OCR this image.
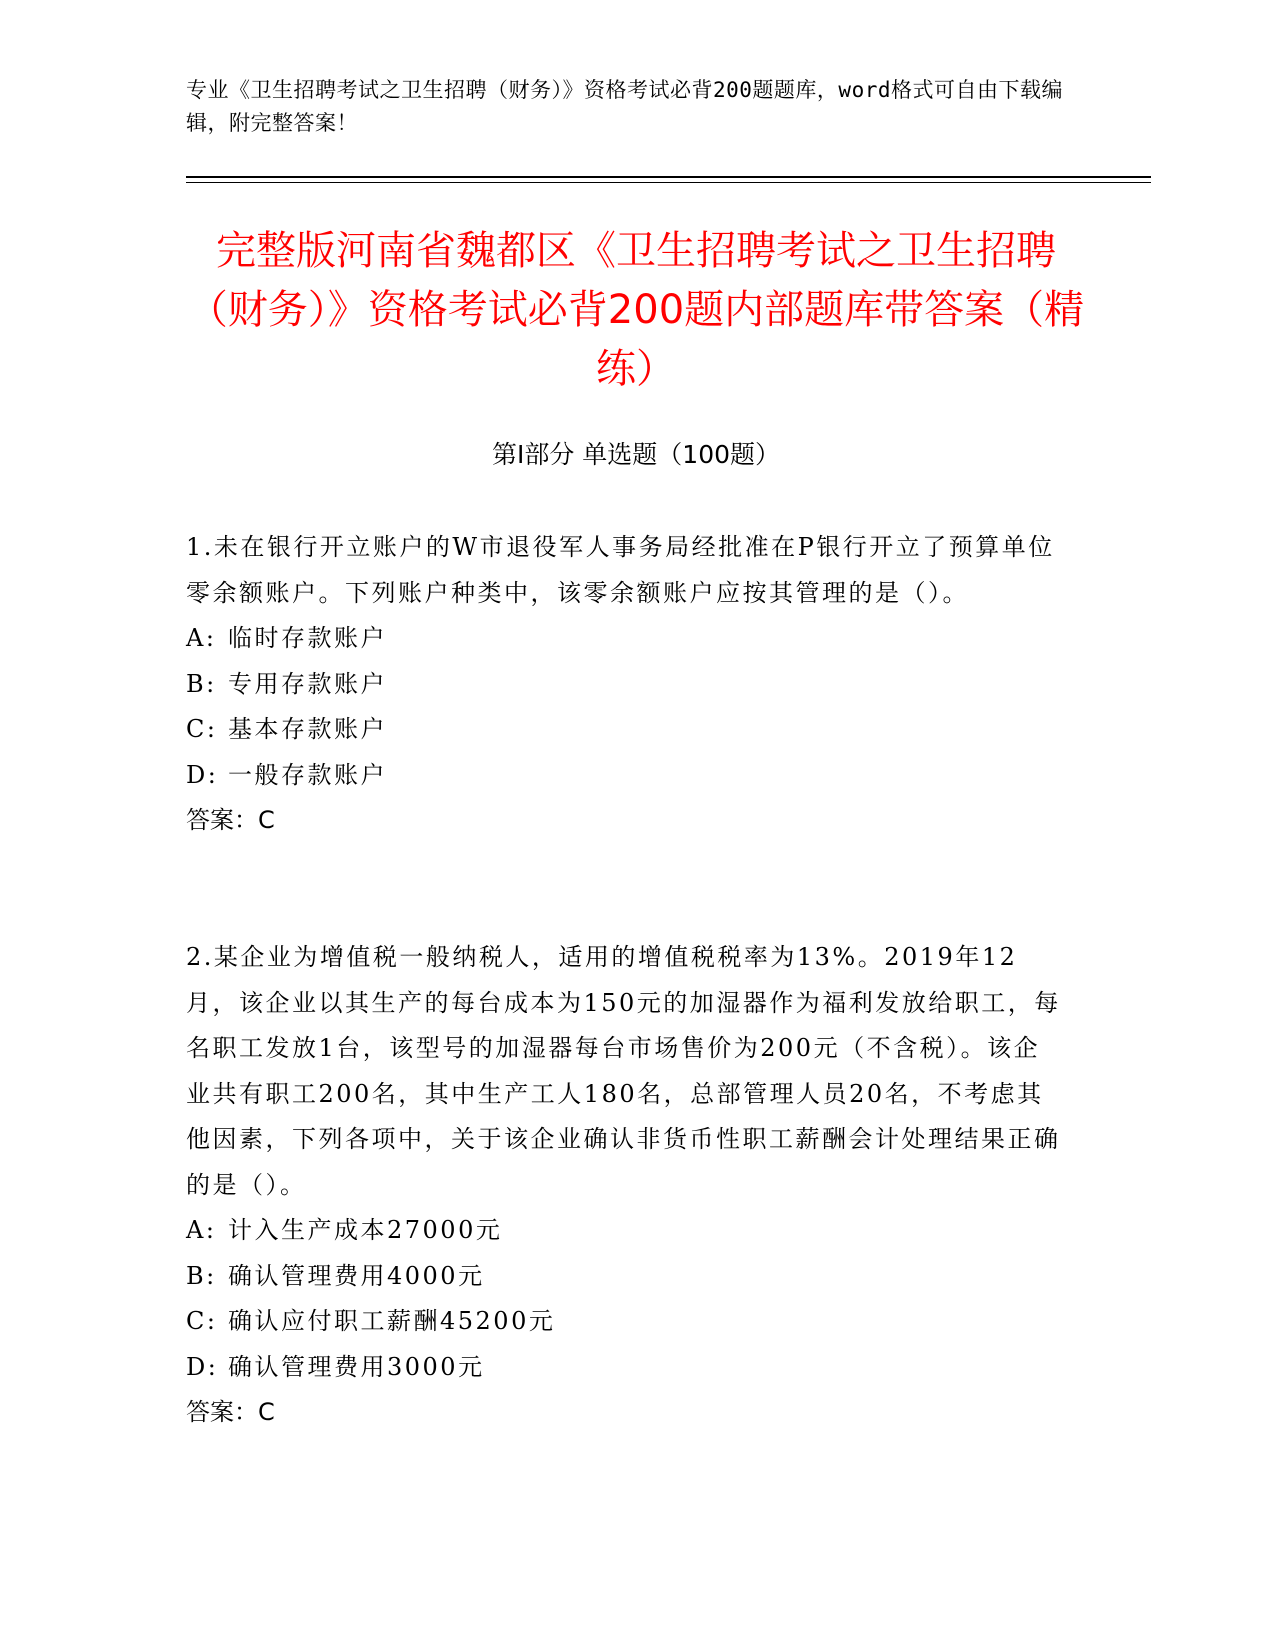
专业《卫生招聘考试之卫生招聘（财务）》资格考试必背200题题库，word格式可自由下载编辑，附完整答案！
完整版河南省魏都区《卫生招聘考试之卫生招聘（财务）》资格考试必背200题内部题库带答案（精练）
第Ⅰ部分 单选题（100题）

1.未在银行开立账户的W市退役军人事务局经批准在P银行开立了预算单位零余额账户。下列账户种类中，该零余额账户应按其管理的是（）。

A: 临时存款账户

B: 专用存款账户

C: 基本存款账户

D: 一般存款账户

答案：C

2.某企业为增值税一般纳税人，适用的增值税税率为13%。2019年12月，该企业以其生产的每台成本为150元的加湿器作为福利发放给职工，每名职工发放1台，该型号的加湿器每台市场售价为200元（不含税）。该企业共有职工200名，其中生产工人180名，总部管理人员20名，不考虑其他因素，下列各项中，关于该企业确认非货币性职工薪酬会计处理结果正确的是（）。

A: 计入生产成本27000元

B: 确认管理费用4000元

C: 确认应付职工薪酬45200元

D: 确认管理费用3000元

答案：C
